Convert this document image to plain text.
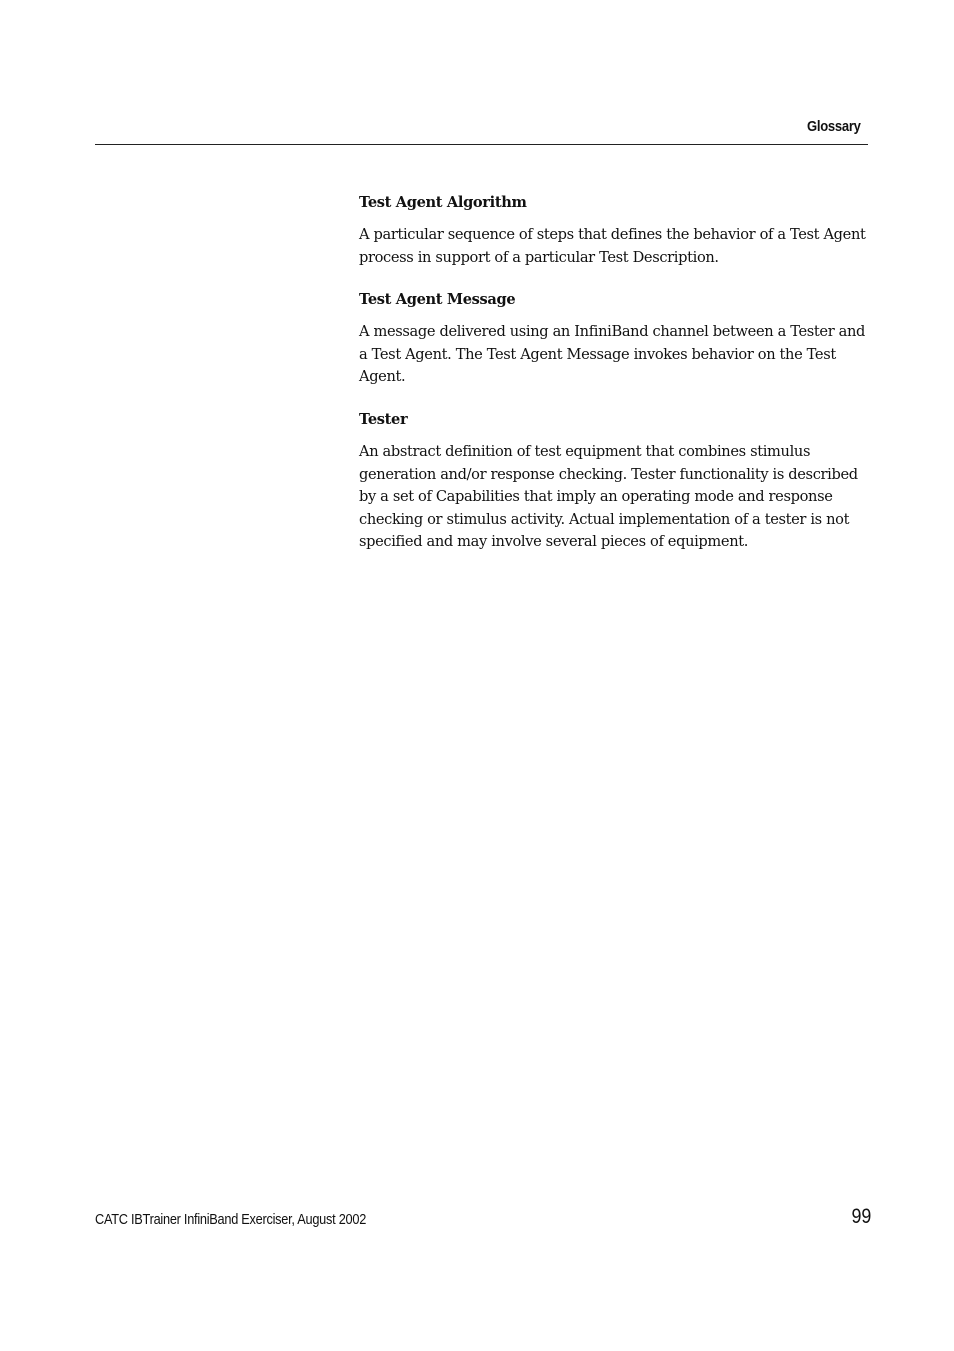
Glossary

Test Agent Algorithm

A particular sequence of steps that defines the behavior of a Test Agent process in support of a particular Test Description.

Test Agent Message

A message delivered using an InfiniBand channel between a Tester and a Test Agent. The Test Agent Message invokes behavior on the Test Agent.

Tester

An abstract definition of test equipment that combines stimulus generation and/or response checking. Tester functionality is described by a set of Capabilities that imply an operating mode and response checking or stimulus activity. Actual implementation of a tester is not specified and may involve several pieces of equipment.

CATC IBTrainer InfiniBand Exerciser, August 2002	99
